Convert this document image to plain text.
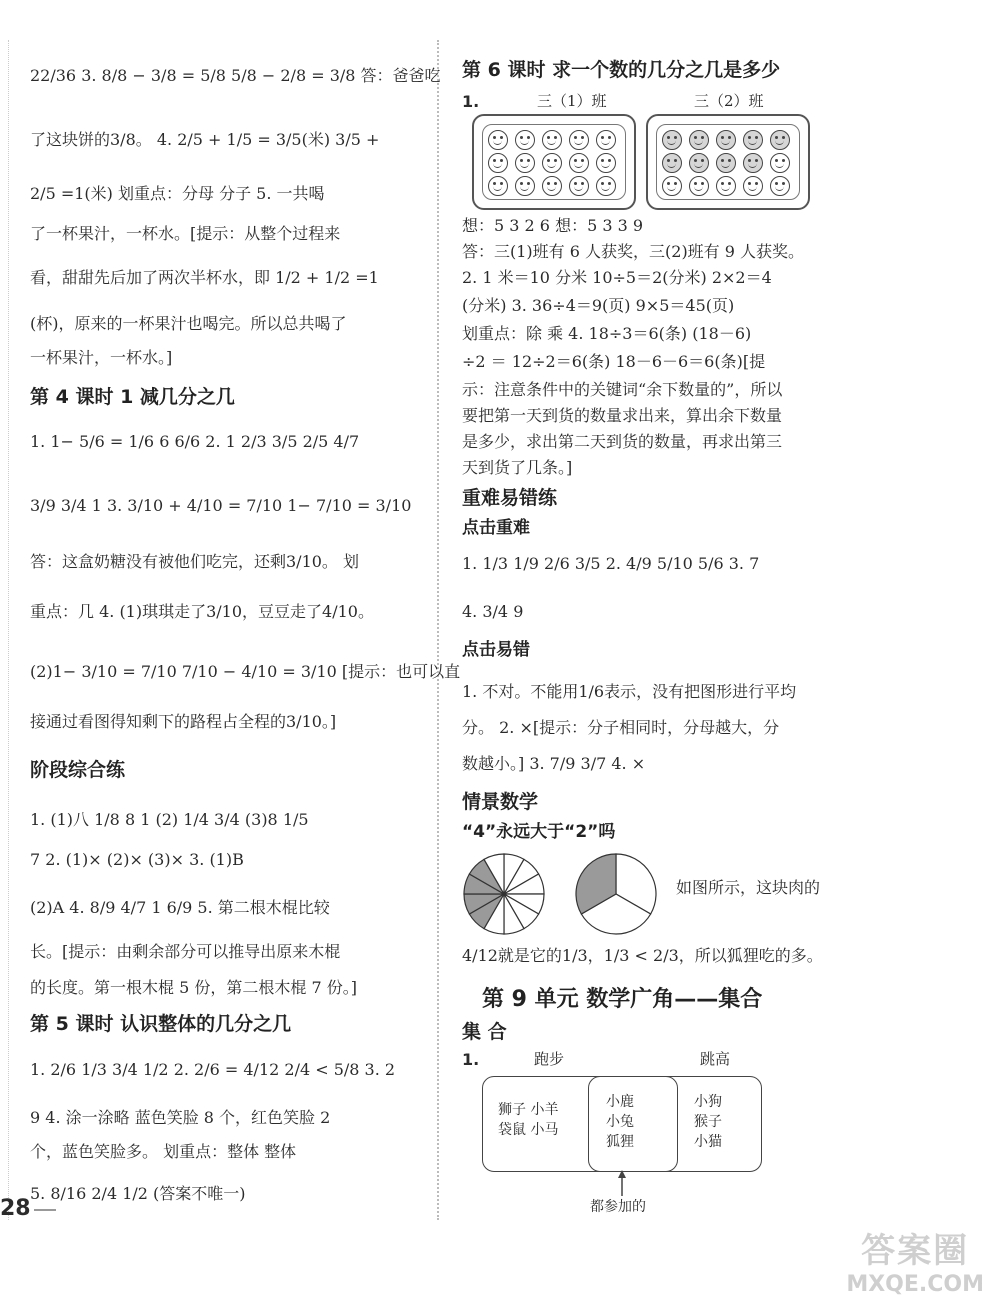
22/36 3. 8/8 − 3/8 = 5/8 5/8 − 2/8 = 3/8 答：爸爸吃
了这块饼的3/8。 4. 2/5 + 1/5 = 3/5(米) 3/5 +
2/5 =1(米) 划重点：分母 分子 5. 一共喝
了一杯果汁，一杯水。[提示：从整个过程来
看，甜甜先后加了两次半杯水，即 1/2 + 1/2 =1
(杯)，原来的一杯果汁也喝完。所以总共喝了
一杯果汁，一杯水。]
第 4 课时 1 减几分之几
1. 1− 5/6 = 1/6 6 6/6 2. 1 2/3 3/5 2/5 4/7
3/9 3/4 1 3. 3/10 + 4/10 = 7/10 1− 7/10 = 3/10
答：这盒奶糖没有被他们吃完，还剩3/10。 划
重点：几 4. (1)琪琪走了3/10，豆豆走了4/10。
(2)1− 3/10 = 7/10 7/10 − 4/10 = 3/10 [提示：也可以直
接通过看图得知剩下的路程占全程的3/10。]
阶段综合练
1. (1)八 1/8 8 1 (2) 1/4 3/4 (3)8 1/5
7 2. (1)× (2)× (3)× 3. (1)B
(2)A 4. 8/9 4/7 1 6/9 5. 第二根木棍比较
长。[提示：由剩余部分可以推导出原来木棍
的长度。第一根木棍 5 份，第二根木棍 7 份。]
第 5 课时 认识整体的几分之几
1. 2/6 1/3 3/4 1/2 2. 2/6 = 4/12 2/4 < 5/8 3. 2
9 4. 涂一涂略 蓝色笑脸 8 个，红色笑脸 2
个，蓝色笑脸多。 划重点：整体 整体
5. 8/16 2/4 1/2 (答案不唯一)
28
第 6 课时 求一个数的几分之几是多少
1.	三（1）班	三（2）班
想：5 3 2 6 想：5 3 3 9
答：三(1)班有 6 人获奖，三(2)班有 9 人获奖。
2. 1 米＝10 分米 10÷5＝2(分米) 2×2＝4
(分米) 3. 36÷4＝9(页) 9×5＝45(页)
划重点：除 乘 4. 18÷3＝6(条) (18－6)
÷2 ＝ 12÷2＝6(条) 18－6－6＝6(条)[提
示：注意条件中的关键词“余下数量的”，所以
要把第一天到货的数量求出来，算出余下数量
是多少，求出第二天到货的数量，再求出第三
天到货了几条。]
重难易错练
点击重难
1. 1/3 1/9 2/6 3/5 2. 4/9 5/10 5/6 3. 7
4. 3/4 9
点击易错
1. 不对。不能用1/6表示，没有把图形进行平均
分。 2. ×[提示：分子相同时，分母越大，分
数越小。] 3. 7/9 3/7 4. ×
情景数学
“4”永远大于“2”吗
如图所示，这块肉的
4/12就是它的1/3，1/3 < 2/3，所以狐狸吃的多。
第 9 单元 数学广角——集合
集 合
1.	跑步	跳高
狮子 小羊
袋鼠 小马
小鹿
小兔
狐狸
小狗
猴子
小猫
都参加的
答案圈
MXQE.COM
